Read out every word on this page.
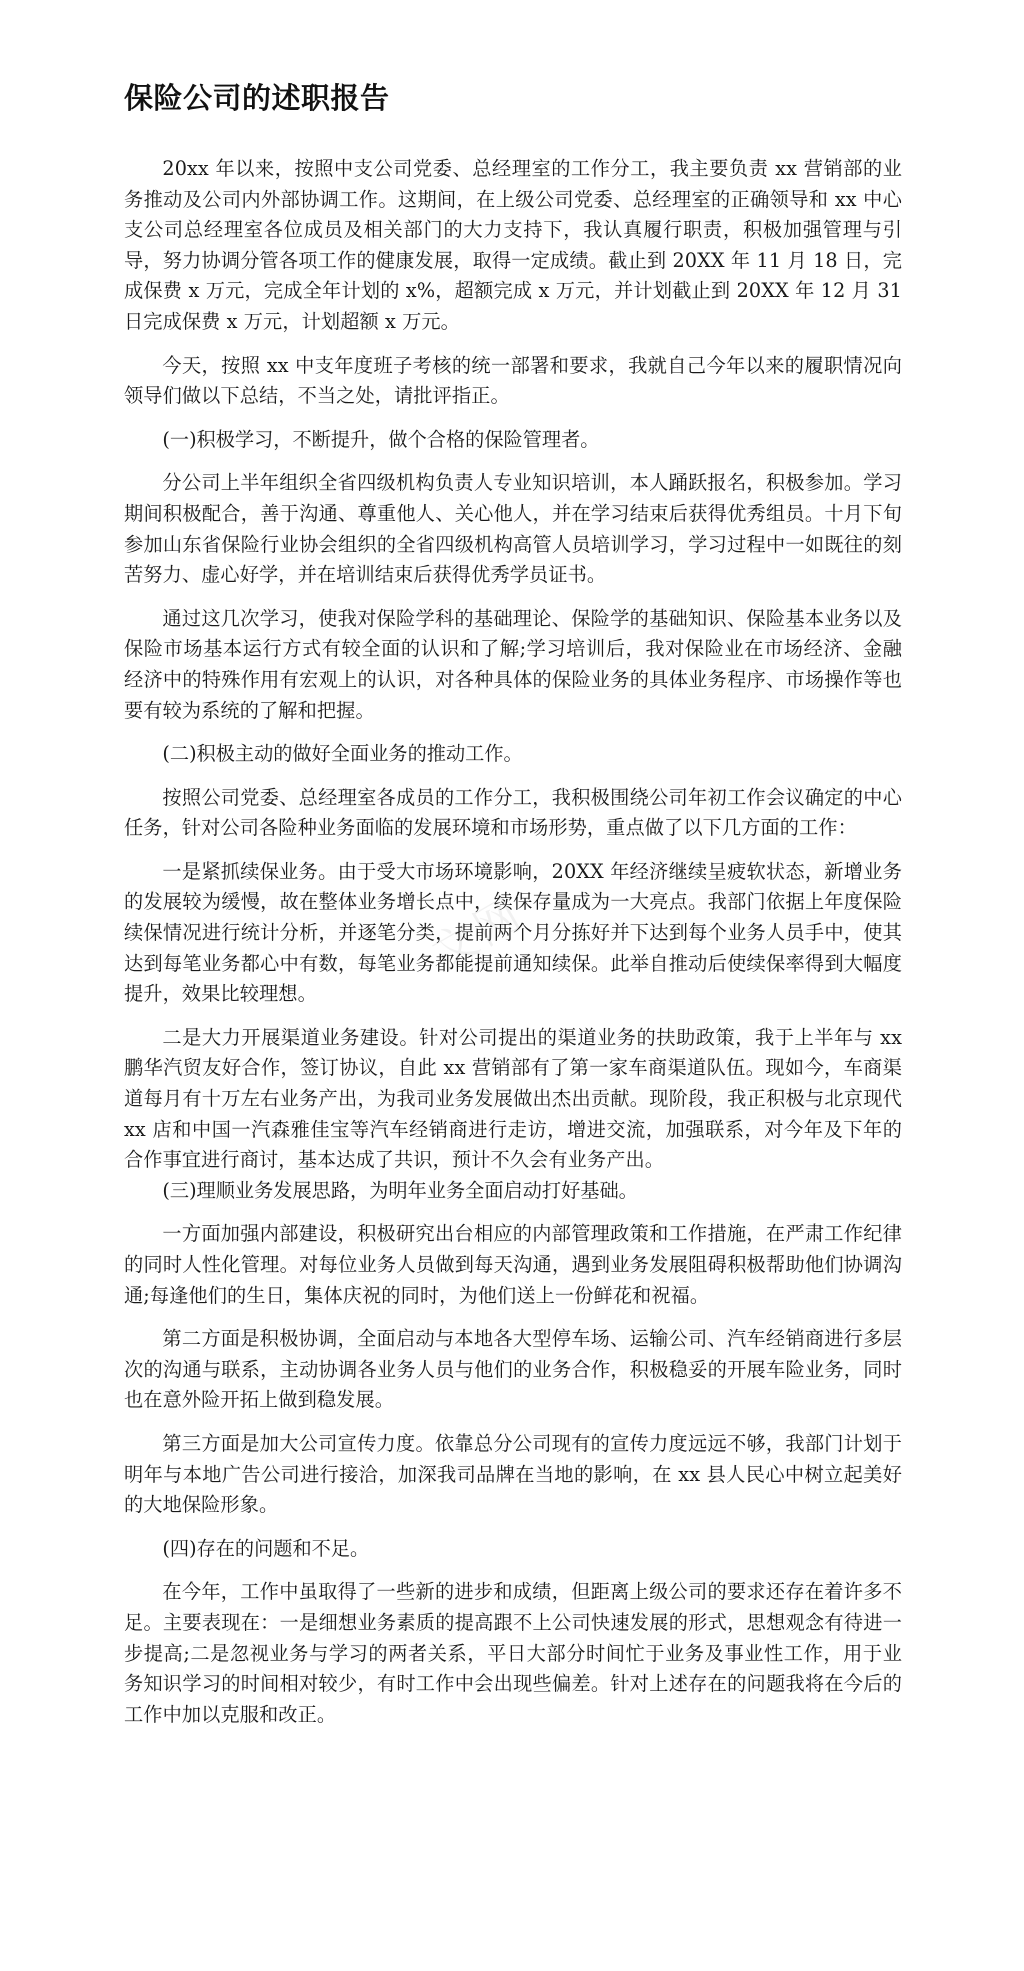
保险公司的述职报告

20xx 年以来，按照中支公司党委、总经理室的工作分工，我主要负责 xx 营销部的业务推动及公司内外部协调工作。这期间，在上级公司党委、总经理室的正确领导和 xx 中心支公司总经理室各位成员及相关部门的大力支持下，我认真履行职责，积极加强管理与引导，努力协调分管各项工作的健康发展，取得一定成绩。截止到 20XX 年 11 月 18 日，完成保费 x 万元，完成全年计划的 x%，超额完成 x 万元，并计划截止到 20XX 年 12 月 31 日完成保费 x 万元，计划超额 x 万元。

今天，按照 xx 中支年度班子考核的统一部署和要求，我就自己今年以来的履职情况向领导们做以下总结，不当之处，请批评指正。

(一)积极学习，不断提升，做个合格的保险管理者。

分公司上半年组织全省四级机构负责人专业知识培训，本人踊跃报名，积极参加。学习期间积极配合，善于沟通、尊重他人、关心他人，并在学习结束后获得优秀组员。十月下旬参加山东省保险行业协会组织的全省四级机构高管人员培训学习，学习过程中一如既往的刻苦努力、虚心好学，并在培训结束后获得优秀学员证书。

通过这几次学习，使我对保险学科的基础理论、保险学的基础知识、保险基本业务以及保险市场基本运行方式有较全面的认识和了解;学习培训后，我对保险业在市场经济、金融经济中的特殊作用有宏观上的认识，对各种具体的保险业务的具体业务程序、市场操作等也要有较为系统的了解和把握。

(二)积极主动的做好全面业务的推动工作。

按照公司党委、总经理室各成员的工作分工，我积极围绕公司年初工作会议确定的中心任务，针对公司各险种业务面临的发展环境和市场形势，重点做了以下几方面的工作：

一是紧抓续保业务。由于受大市场环境影响，20XX 年经济继续呈疲软状态，新增业务的发展较为缓慢，故在整体业务增长点中，续保存量成为一大亮点。我部门依据上年度保险续保情况进行统计分析，并逐笔分类，提前两个月分拣好并下达到每个业务人员手中，使其达到每笔业务都心中有数，每笔业务都能提前通知续保。此举自推动后使续保率得到大幅度提升，效果比较理想。

二是大力开展渠道业务建设。针对公司提出的渠道业务的扶助政策，我于上半年与 xx 鹏华汽贸友好合作，签订协议，自此 xx 营销部有了第一家车商渠道队伍。现如今，车商渠道每月有十万左右业务产出，为我司业务发展做出杰出贡献。现阶段，我正积极与北京现代 xx 店和中国一汽森雅佳宝等汽车经销商进行走访，增进交流，加强联系，对今年及下年的合作事宜进行商讨，基本达成了共识，预计不久会有业务产出。

(三)理顺业务发展思路，为明年业务全面启动打好基础。

一方面加强内部建设，积极研究出台相应的内部管理政策和工作措施，在严肃工作纪律的同时人性化管理。对每位业务人员做到每天沟通，遇到业务发展阻碍积极帮助他们协调沟通;每逢他们的生日，集体庆祝的同时，为他们送上一份鲜花和祝福。

第二方面是积极协调，全面启动与本地各大型停车场、运输公司、汽车经销商进行多层次的沟通与联系，主动协调各业务人员与他们的业务合作，积极稳妥的开展车险业务，同时也在意外险开拓上做到稳发展。

第三方面是加大公司宣传力度。依靠总分公司现有的宣传力度远远不够，我部门计划于明年与本地广告公司进行接洽，加深我司品牌在当地的影响，在 xx 县人民心中树立起美好的大地保险形象。

(四)存在的问题和不足。

在今年，工作中虽取得了一些新的进步和成绩，但距离上级公司的要求还存在着许多不足。主要表现在：一是细想业务素质的提高跟不上公司快速发展的形式，思想观念有待进一步提高;二是忽视业务与学习的两者关系，平日大部分时间忙于业务及事业性工作，用于业务知识学习的时间相对较少，有时工作中会出现些偏差。针对上述存在的问题我将在今后的工作中加以克服和改正。

文网
